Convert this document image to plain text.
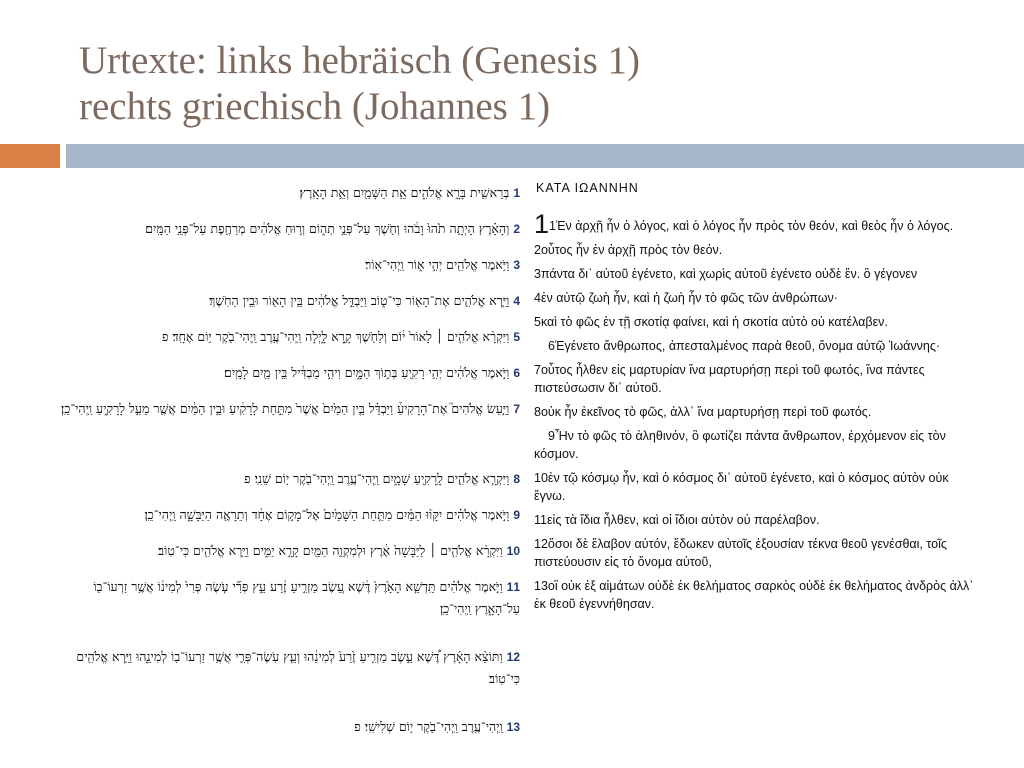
Urtexte: links hebräisch (Genesis 1)
rechts griechisch (Johannes 1)
1בְּרֵאשִׁ֖ית בָּרָ֣א אֱלֹהִ֑ים אֵ֥ת הַשָּׁמַ֖יִם וְאֵ֥ת הָאָֽרֶץ׃
2וְהָאָ֗רֶץ הָיְתָ֥ה תֹ֙הוּ֙ וָבֹ֔הוּ וְחֹ֖שֶׁךְ עַל־פְּנֵ֣י תְה֑וֹם וְר֣וּחַ אֱלֹהִ֔ים מְרַחֶ֖פֶת עַל־פְּנֵ֥י הַמָּֽיִם׃
3וַיֹּ֥אמֶר אֱלֹהִ֖ים יְהִ֣י א֑וֹר וַֽיְהִי־אֽוֹר׃
4וַיַּ֧רְא אֱלֹהִ֛ים אֶת־הָא֖וֹר כִּי־ט֑וֹב וַיַּבְדֵּ֣ל אֱלֹהִ֔ים בֵּ֥ין הָא֖וֹר וּבֵ֥ין הַחֹֽשֶׁךְ׃
5וַיִּקְרָ֨א אֱלֹהִ֤ים ׀ לָאוֹר֙ י֔וֹם וְלַחֹ֖שֶׁךְ קָ֣רָא לָ֑יְלָה וַֽיְהִי־עֶ֥רֶב וַֽיְהִי־בֹ֖קֶר י֥וֹם אֶחָֽד׃ פ
6וַיֹּ֣אמֶר אֱלֹהִ֔ים יְהִ֥י רָקִ֖יעַ בְּת֣וֹךְ הַמָּ֑יִם וִיהִ֣י מַבְדִּ֔יל בֵּ֥ין מַ֖יִם לָמָֽיִם׃
7וַיַּ֣עַשׂ אֱלֹהִים֮ אֶת־הָרָקִיעַ֒ וַיַּבְדֵּ֗ל בֵּ֤ין הַמַּ֙יִם֙ אֲשֶׁר֙ מִתַּ֣חַת לָרָקִ֔יעַ וּבֵ֣ין הַמַּ֔יִם אֲשֶׁ֖ר מֵעַ֣ל לָרָקִ֑יעַ וַֽיְהִי־כֵֽן׃
8וַיִּקְרָ֧א אֱלֹהִ֛ים לָֽרָקִ֖יעַ שָׁמָ֑יִם וַֽיְהִי־עֶ֥רֶב וַֽיְהִי־בֹ֖קֶר י֥וֹם שֵׁנִֽי׃ פ
9וַיֹּ֣אמֶר אֱלֹהִ֗ים יִקָּו֨וּ הַמַּ֜יִם מִתַּ֤חַת הַשָּׁמַ֙יִם֙ אֶל־מָק֣וֹם אֶחָ֔ד וְתֵרָאֶ֖ה הַיַּבָּשָׁ֑ה וַֽיְהִי־כֵֽן׃
10וַיִּקְרָ֨א אֱלֹהִ֤ים ׀ לַיַּבָּשָׁה֙ אֶ֔רֶץ וּלְמִקְוֵ֥ה הַמַּ֖יִם קָרָ֣א יַמִּ֑ים וַיַּ֥רְא אֱלֹהִ֖ים כִּי־טֽוֹב׃
11וַיֹּ֣אמֶר אֱלֹהִ֗ים תַּֽדְשֵׁ֤א הָאָ֙רֶץ֙ דֶּ֔שֶׁא עֵ֚שֶׂב מַזְרִ֣יעַ זֶ֔רַע עֵ֣ץ פְּרִ֞י עֹ֤שֶׂה פְּרִי֙ לְמִינ֔וֹ אֲשֶׁ֥ר זַרְעוֹ־ב֖וֹ עַל־הָאָ֑רֶץ וַֽיְהִי־כֵֽן׃
12וַתּוֹצֵ֨א הָאָ֜רֶץ דֶּ֠שֶׁא עֵ֣שֶׂב מַזְרִ֤יעַ זֶ֙רַע֙ לְמִינֵ֔הוּ וְעֵ֧ץ עֹֽשֶׂה־פְּרִ֛י אֲשֶׁ֥ר זַרְעוֹ־ב֖וֹ לְמִינֵ֑הוּ וַיַּ֥רְא אֱלֹהִ֖ים כִּי־טֽוֹב׃
13וַֽיְהִי־עֶ֥רֶב וַֽיְהִי־בֹ֖קֶר י֥וֹם שְׁלִישִֽׁי׃ פ
ΚΑΤΑ ΙΩΑΝΝΗΝ
11Ἐν ἀρχῇ ἦν ὁ λόγος, καὶ ὁ λόγος ἦν πρὸς τὸν θεόν, καὶ θεὸς ἦν ὁ λόγος.
2οὗτος ἦν ἐν ἀρχῇ πρὸς τὸν θεόν.
3πάντα δι᾽ αὐτοῦ ἐγένετο, καὶ χωρὶς αὐτοῦ ἐγένετο οὐδὲ ἕν. ὃ γέγονεν
4ἐν αὐτῷ ζωὴ ἦν, καὶ ἡ ζωὴ ἦν τὸ φῶς τῶν ἀνθρώπων·
5καὶ τὸ φῶς ἐν τῇ σκοτίᾳ φαίνει, καὶ ἡ σκοτία αὐτὸ οὐ κατέλαβεν.
6Ἐγένετο ἄνθρωπος, ἀπεσταλμένος παρὰ θεοῦ, ὄνομα αὐτῷ Ἰωάννης·
7οὗτος ἦλθεν εἰς μαρτυρίαν ἵνα μαρτυρήσῃ περὶ τοῦ φωτός, ἵνα πάντες πιστεύσωσιν δι᾽ αὐτοῦ.
8οὐκ ἦν ἐκεῖνος τὸ φῶς, ἀλλ᾽ ἵνα μαρτυρήσῃ περὶ τοῦ φωτός.
9Ἦν τὸ φῶς τὸ ἀληθινόν, ὃ φωτίζει πάντα ἄνθρωπον, ἐρχόμενον εἰς τὸν κόσμον.
10ἐν τῷ κόσμῳ ἦν, καὶ ὁ κόσμος δι᾽ αὐτοῦ ἐγένετο, καὶ ὁ κόσμος αὐτὸν οὐκ ἔγνω.
11εἰς τὰ ἴδια ἦλθεν, καὶ οἱ ἴδιοι αὐτὸν οὐ παρέλαβον.
12ὅσοι δὲ ἔλαβον αὐτόν, ἔδωκεν αὐτοῖς ἐξουσίαν τέκνα θεοῦ γενέσθαι, τοῖς πιστεύουσιν εἰς τὸ ὄνομα αὐτοῦ,
13οἳ οὐκ ἐξ αἱμάτων οὐδὲ ἐκ θελήματος σαρκὸς οὐδὲ ἐκ θελήματος ἀνδρὸς ἀλλ᾽ ἐκ θεοῦ ἐγεννήθησαν.
